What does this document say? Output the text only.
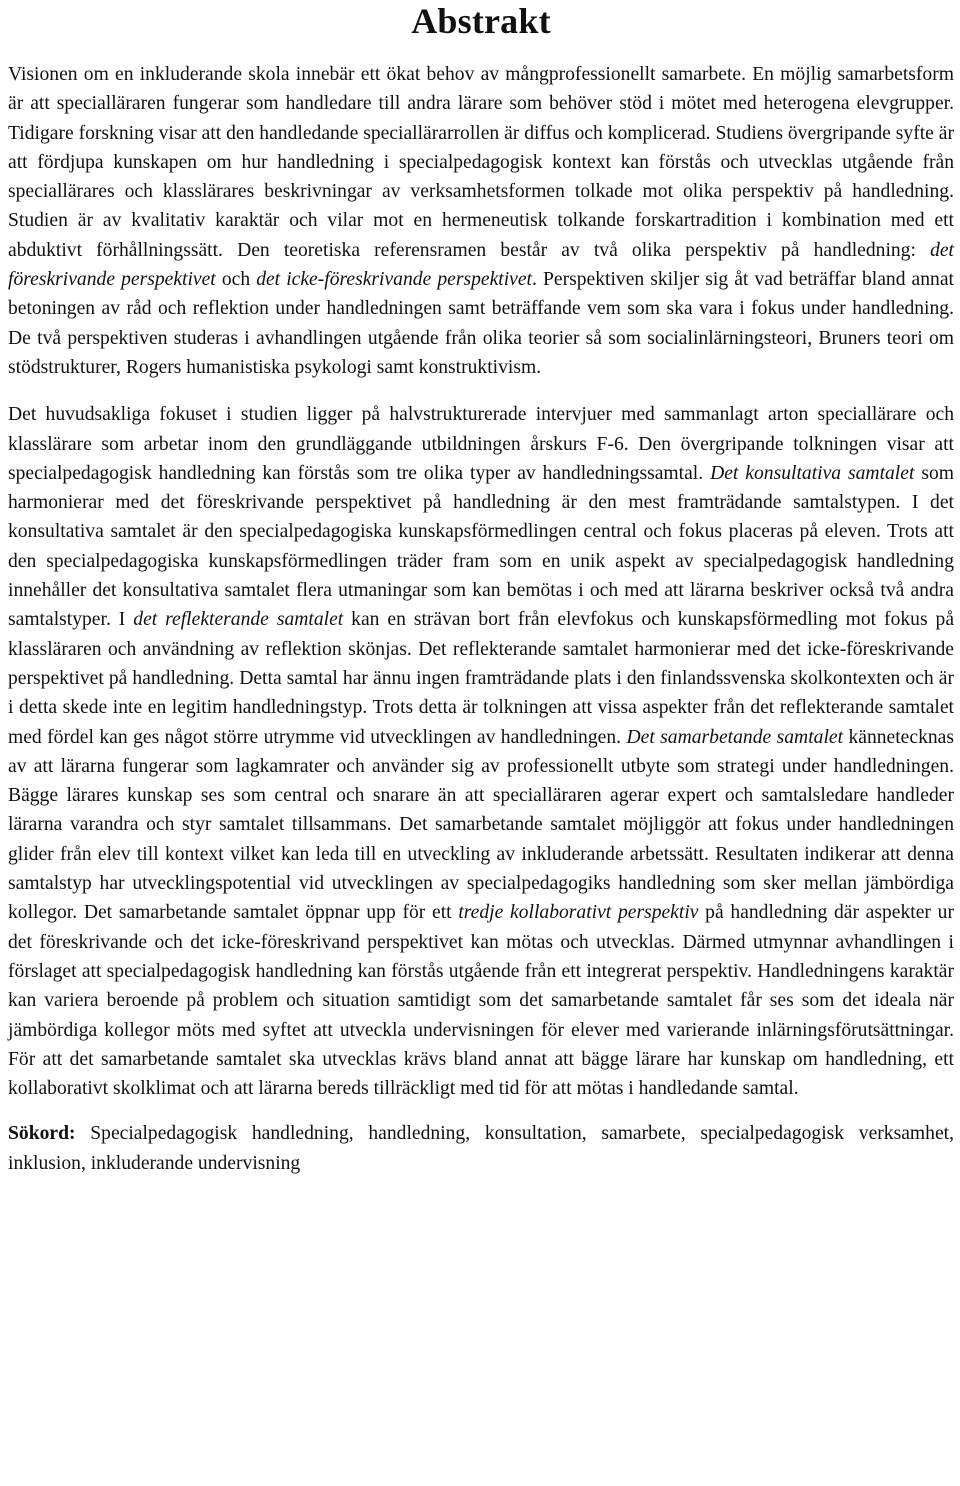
Abstrakt

Visionen om en inkluderande skola innebär ett ökat behov av mångprofessionellt samarbete. En möjlig samarbetsform är att specialläraren fungerar som handledare till andra lärare som behöver stöd i mötet med heterogena elevgrupper. Tidigare forskning visar att den handledande speciallärarrollen är diffus och komplicerad. Studiens övergripande syfte är att fördjupa kunskapen om hur handledning i specialpedagogisk kontext kan förstås och utvecklas utgående från speciallärares och klasslärares beskrivningar av verksamhetsformen tolkade mot olika perspektiv på handledning. Studien är av kvalitativ karaktär och vilar mot en hermeneutisk tolkande forskartradition i kombination med ett abduktivt förhållningssätt. Den teoretiska referensramen består av två olika perspektiv på handledning: det föreskrivande perspektivet och det icke-föreskrivande perspektivet. Perspektiven skiljer sig åt vad beträffar bland annat betoningen av råd och reflektion under handledningen samt beträffande vem som ska vara i fokus under handledning. De två perspektiven studeras i avhandlingen utgående från olika teorier så som socialinlärningsteori, Bruners teori om stödstrukturer, Rogers humanistiska psykologi samt konstruktivism.

Det huvudsakliga fokuset i studien ligger på halvstrukturerade intervjuer med sammanlagt arton speciallärare och klasslärare som arbetar inom den grundläggande utbildningen årskurs F-6. Den övergripande tolkningen visar att specialpedagogisk handledning kan förstås som tre olika typer av handledningssamtal. Det konsultativa samtalet som harmonierar med det föreskrivande perspektivet på handledning är den mest framträdande samtalstypen. I det konsultativa samtalet är den specialpedagogiska kunskapsförmedlingen central och fokus placeras på eleven. Trots att den specialpedagogiska kunskapsförmedlingen träder fram som en unik aspekt av specialpedagogisk handledning innehåller det konsultativa samtalet flera utmaningar som kan bemötas i och med att lärarna beskriver också två andra samtalstyper. I det reflekterande samtalet kan en strävan bort från elevfokus och kunskapsförmedling mot fokus på klassläraren och användning av reflektion skönjas. Det reflekterande samtalet harmonierar med det icke-föreskrivande perspektivet på handledning. Detta samtal har ännu ingen framträdande plats i den finlandssvenska skolkontexten och är i detta skede inte en legitim handledningstyp. Trots detta är tolkningen att vissa aspekter från det reflekterande samtalet med fördel kan ges något större utrymme vid utvecklingen av handledningen. Det samarbetande samtalet kännetecknas av att lärarna fungerar som lagkamrater och använder sig av professionellt utbyte som strategi under handledningen. Bägge lärares kunskap ses som central och snarare än att specialläraren agerar expert och samtalsledare handleder lärarna varandra och styr samtalet tillsammans. Det samarbetande samtalet möjliggör att fokus under handledningen glider från elev till kontext vilket kan leda till en utveckling av inkluderande arbetssätt. Resultaten indikerar att denna samtalstyp har utvecklingspotential vid utvecklingen av specialpedagogiks handledning som sker mellan jämbördiga kollegor. Det samarbetande samtalet öppnar upp för ett tredje kollaborativt perspektiv på handledning där aspekter ur det föreskrivande och det icke-föreskrivand perspektivet kan mötas och utvecklas. Därmed utmynnar avhandlingen i förslaget att specialpedagogisk handledning kan förstås utgående från ett integrerat perspektiv. Handledningens karaktär kan variera beroende på problem och situation samtidigt som det samarbetande samtalet får ses som det ideala när jämbördiga kollegor möts med syftet att utveckla undervisningen för elever med varierande inlärningsförutsättningar. För att det samarbetande samtalet ska utvecklas krävs bland annat att bägge lärare har kunskap om handledning, ett kollaborativt skolklimat och att lärarna bereds tillräckligt med tid för att mötas i handledande samtal.

Sökord: Specialpedagogisk handledning, handledning, konsultation, samarbete, specialpedagogisk verksamhet, inklusion, inkluderande undervisning
